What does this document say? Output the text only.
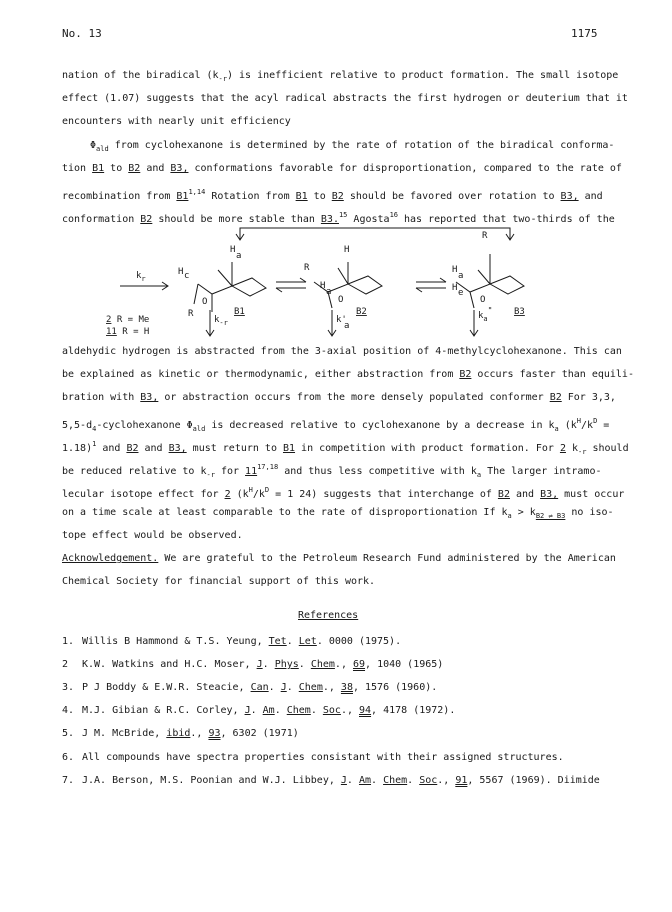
No. 13	1175
nation of the biradical $(k_{-r})$ is inefficient relative to product formation. The small isotope
effect (1.07) suggests that the acyl radical abstracts the first hydrogen or deuterium that it
encounters with nearly unit efficiency
$\Phi_{ald}$ from cyclohexanone is determined by the rate of rotation of the biradical conforma-
tion B1 to B2 and B3, conformations favorable for disproportionation, compared to the rate of
recombination from B1$^{1,14}$ Rotation from B1 to B2 should be favored over rotation to B3, and
conformation B2 should be more stable than B3.15 Agosta$^{16}$ has reported that two-thirds of the
$k_r$
H
a
H c
O
R	B1
$k_{-r}$
H
R
H
a
O
B2
k'
a
R
H
a
H e
O
B3
$k_a$"
2 R = Me
11 R = H
aldehydic hydrogen is abstracted from the 3-axial position of 4-methylcyclohexanone. This can
be explained as kinetic or thermodynamic, either abstraction from B2 occurs faster than equili-
bration with B3, or abstraction occurs from the more densely populated conformer B2 For 3,3,
$5,5-d_4$-cyclohexanone $\Phi_{ald}$ is decreased relative to cyclohexanone by a decrease in $k_a$ ($k^H/k^D$ =
1.18)$^1$ and B2 and B3, must return to B1 in competition with product formation. For 2 $k_{-r}$ should
be reduced relative to $k_{-r}$ for 11$^{17,18}$ and thus less competitive with $k_a$ The larger intramo-
lecular isotope effect for 2 ($k^H/k^D = 1$ 24) suggests that interchange of B2 and B3, must occur
on a time scale at least comparable to the rate of disproportionation If $k_a > k_{B2 \rightleftharpoons B3}$ no iso-
tope effect would be observed.
Acknowledgement. We are grateful to the Petroleum Research Fund administered by the American
Chemical Society for financial support of this work.
References
1. Willis B Hammond & T.S. Yeung, Tet. Let. 0000 (1975).
2 K.W. Watkins and H.C. Moser, J. Phys. Chem., 69, 1040 (1965)
3. P J Boddy & E.W.R. Steacie, Can. J. Chem., 38, 1576 (1960).
4. M.J. Gibian & R.C. Corley, J. Am. Chem. Soc., 94, 4178 (1972).
5. J M. McBride, ibid., 93, 6302 (1971)
6. All compounds have spectra properties consistant with their assigned structures.
7. J.A. Berson, M.S. Poonian and W.J. Libbey, J. Am. Chem. Soc., 91, 5567 (1969). Diimide
